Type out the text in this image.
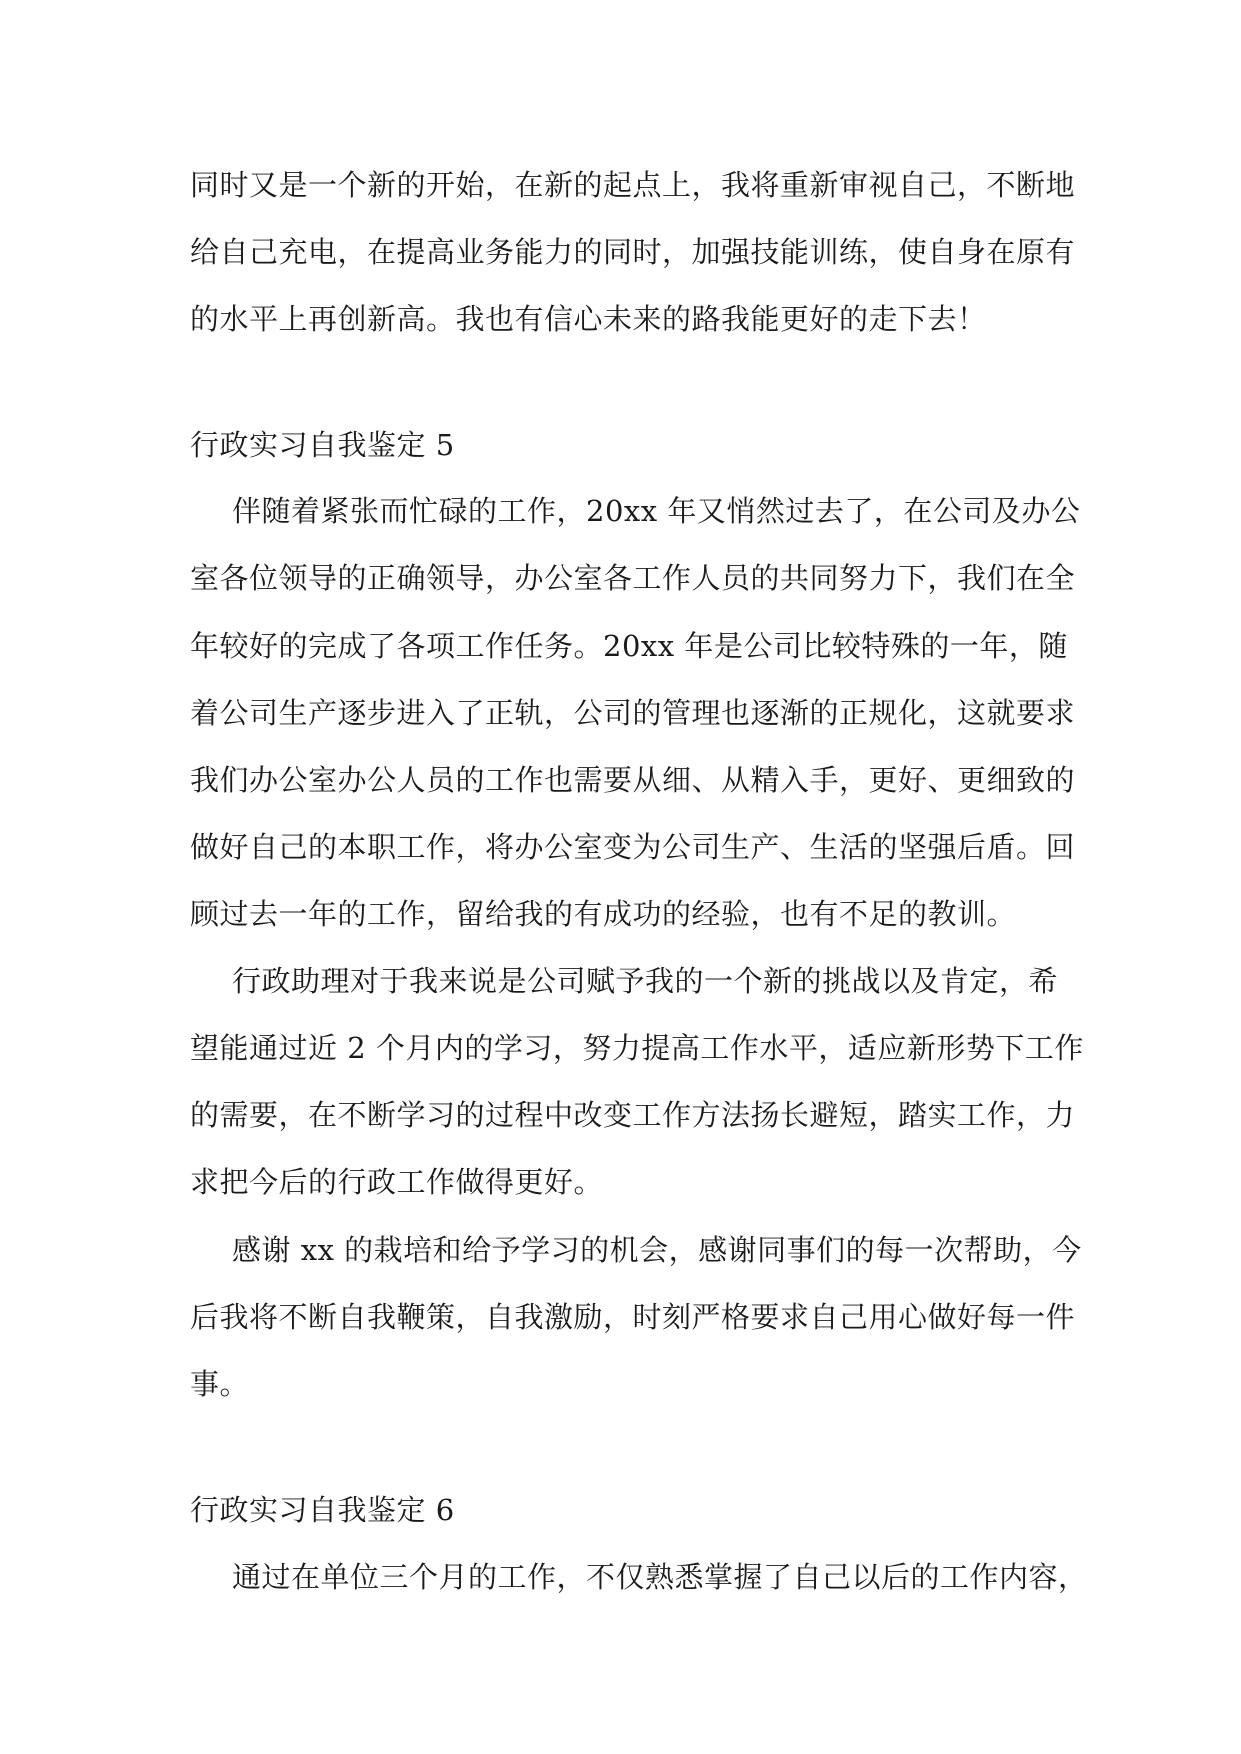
同时又是一个新的开始，在新的起点上，我将重新审视自己，不断地
给自己充电，在提高业务能力的同时，加强技能训练，使自身在原有
的水平上再创新高。我也有信心未来的路我能更好的走下去！
行政实习自我鉴定 5
伴随着紧张而忙碌的工作，20xx 年又悄然过去了，在公司及办公
室各位领导的正确领导，办公室各工作人员的共同努力下，我们在全
年较好的完成了各项工作任务。20xx 年是公司比较特殊的一年，随
着公司生产逐步进入了正轨，公司的管理也逐渐的正规化，这就要求
我们办公室办公人员的工作也需要从细、从精入手，更好、更细致的
做好自己的本职工作，将办公室变为公司生产、生活的坚强后盾。回
顾过去一年的工作，留给我的有成功的经验，也有不足的教训。
行政助理对于我来说是公司赋予我的一个新的挑战以及肯定，希
望能通过近 2 个月内的学习，努力提高工作水平，适应新形势下工作
的需要，在不断学习的过程中改变工作方法扬长避短，踏实工作，力
求把今后的行政工作做得更好。
感谢 xx 的栽培和给予学习的机会，感谢同事们的每一次帮助，今
后我将不断自我鞭策，自我激励，时刻严格要求自己用心做好每一件
事。
行政实习自我鉴定 6
通过在单位三个月的工作，不仅熟悉掌握了自己以后的工作内容，
